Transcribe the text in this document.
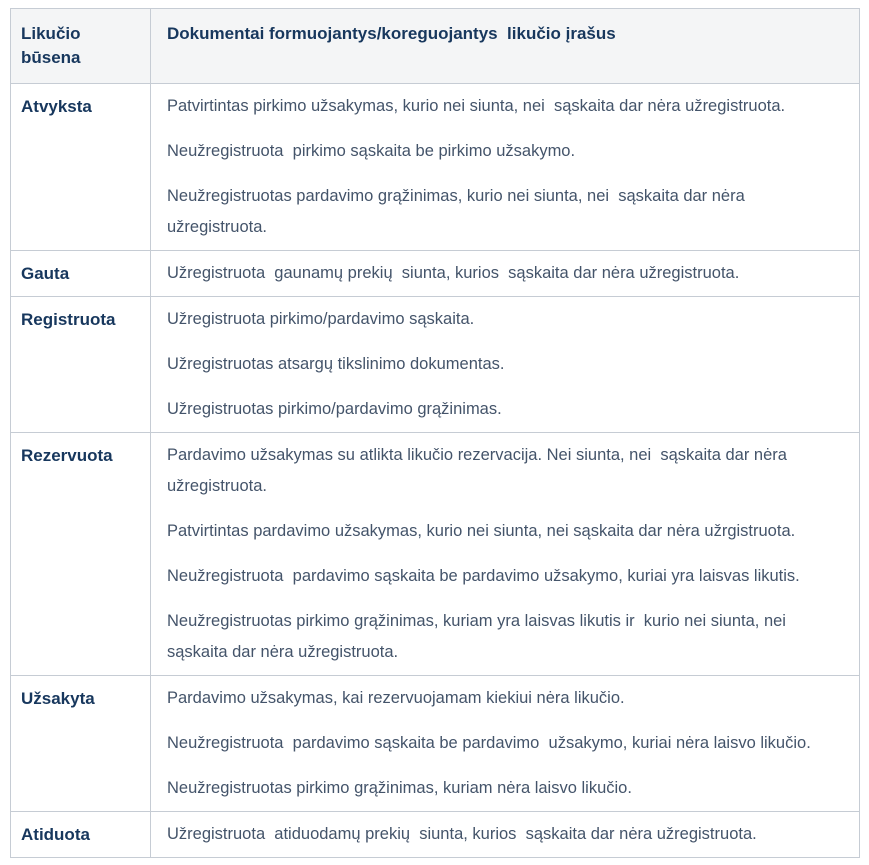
Likučio būsena	Dokumentai formuojantys/koreguojantys  likučio įrašus
Atvyksta	Patvirtintas pirkimo užsakymas, kurio nei siunta, nei  sąskaita dar nėra užregistruota.

Neužregistruota  pirkimo sąskaita be pirkimo užsakymo.

Neužregistruotas pardavimo grąžinimas, kurio nei siunta, nei  sąskaita dar nėra užregistruota.

Gauta	Užregistruota  gaunamų prekių  siunta, kurios  sąskaita dar nėra užregistruota.

Registruota	Užregistruota pirkimo/pardavimo sąskaita.

Užregistruotas atsargų tikslinimo dokumentas.

Užregistruotas pirkimo/pardavimo grąžinimas.

Rezervuota	Pardavimo užsakymas su atlikta likučio rezervacija. Nei siunta, nei  sąskaita dar nėra užregistruota.

Patvirtintas pardavimo užsakymas, kurio nei siunta, nei sąskaita dar nėra užrgistruota.

Neužregistruota  pardavimo sąskaita be pardavimo užsakymo, kuriai yra laisvas likutis.

Neužregistruotas pirkimo grąžinimas, kuriam yra laisvas likutis ir  kurio nei siunta, nei  sąskaita dar nėra užregistruota.

Užsakyta	Pardavimo užsakymas, kai rezervuojamam kiekiui nėra likučio.

Neužregistruota  pardavimo sąskaita be pardavimo  užsakymo, kuriai nėra laisvo likučio.

Neužregistruotas pirkimo grąžinimas, kuriam nėra laisvo likučio.

Atiduota	Užregistruota  atiduodamų prekių  siunta, kurios  sąskaita dar nėra užregistruota.
